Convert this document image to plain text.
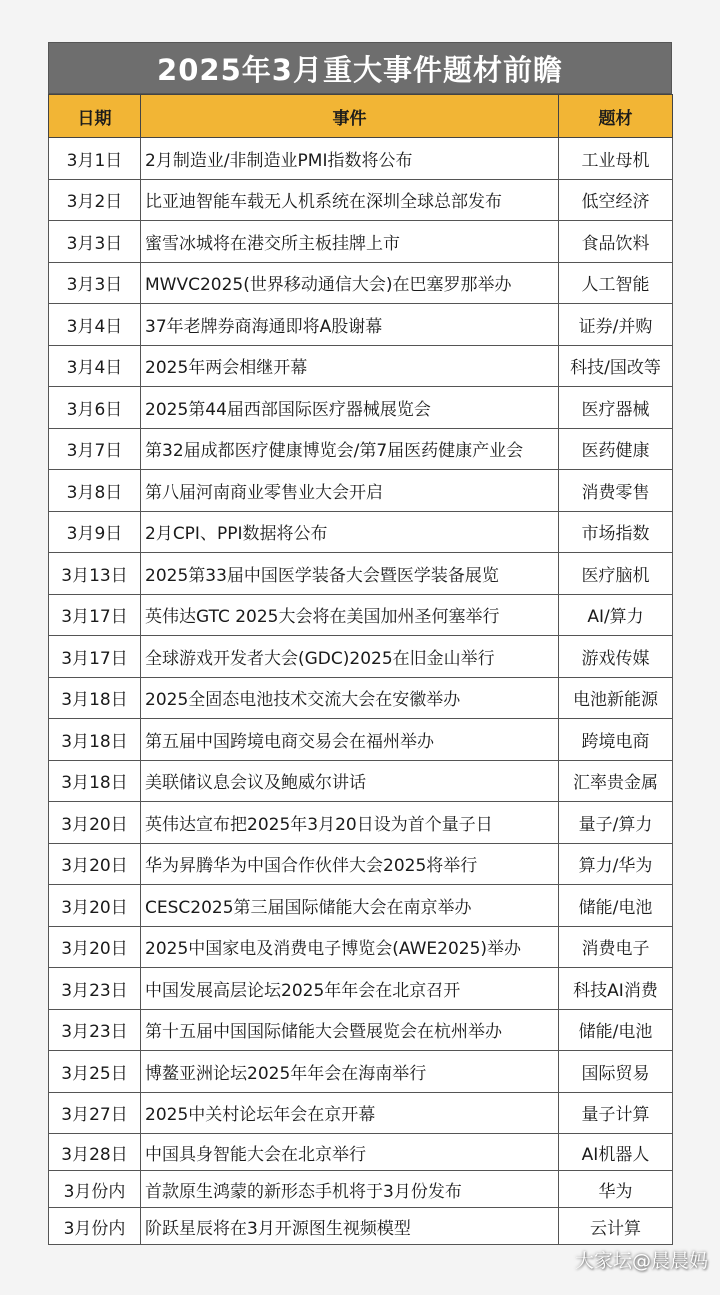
2025年3月重大事件题材前瞻
日期	事件	题材
3月1日	2月制造业/非制造业PMI指数将公布	工业母机
3月2日	比亚迪智能车载无人机系统在深圳全球总部发布	低空经济
3月3日	蜜雪冰城将在港交所主板挂牌上市	食品饮料
3月3日	MWVC2025(世界移动通信大会)在巴塞罗那举办	人工智能
3月4日	37年老牌券商海通即将A股谢幕	证券/并购
3月4日	2025年两会相继开幕	科技/国改等
3月6日	2025第44届西部国际医疗器械展览会	医疗器械
3月7日	第32届成都医疗健康博览会/第7届医药健康产业会	医药健康
3月8日	第八届河南商业零售业大会开启	消费零售
3月9日	2月CPI、PPI数据将公布	市场指数
3月13日	2025第33届中国医学装备大会暨医学装备展览	医疗脑机
3月17日	英伟达GTC 2025大会将在美国加州圣何塞举行	AI/算力
3月17日	全球游戏开发者大会(GDC)2025在旧金山举行	游戏传媒
3月18日	2025全固态电池技术交流大会在安徽举办	电池新能源
3月18日	第五届中国跨境电商交易会在福州举办	跨境电商
3月18日	美联储议息会议及鲍威尔讲话	汇率贵金属
3月20日	英伟达宣布把2025年3月20日设为首个量子日	量子/算力
3月20日	华为昇腾华为中国合作伙伴大会2025将举行	算力/华为
3月20日	CESC2025第三届国际储能大会在南京举办	储能/电池
3月20日	2025中国家电及消费电子博览会(AWE2025)举办	消费电子
3月23日	中国发展高层论坛2025年年会在北京召开	科技AI消费
3月23日	第十五届中国国际储能大会暨展览会在杭州举办	储能/电池
3月25日	博鳌亚洲论坛2025年年会在海南举行	国际贸易
3月27日	2025中关村论坛年会在京开幕	量子计算
3月28日	中国具身智能大会在北京举行	AI机器人
3月份内	首款原生鸿蒙的新形态手机将于3月份发布	华为
3月份内	阶跃星辰将在3月开源图生视频模型	云计算
大家坛@晨晨妈
